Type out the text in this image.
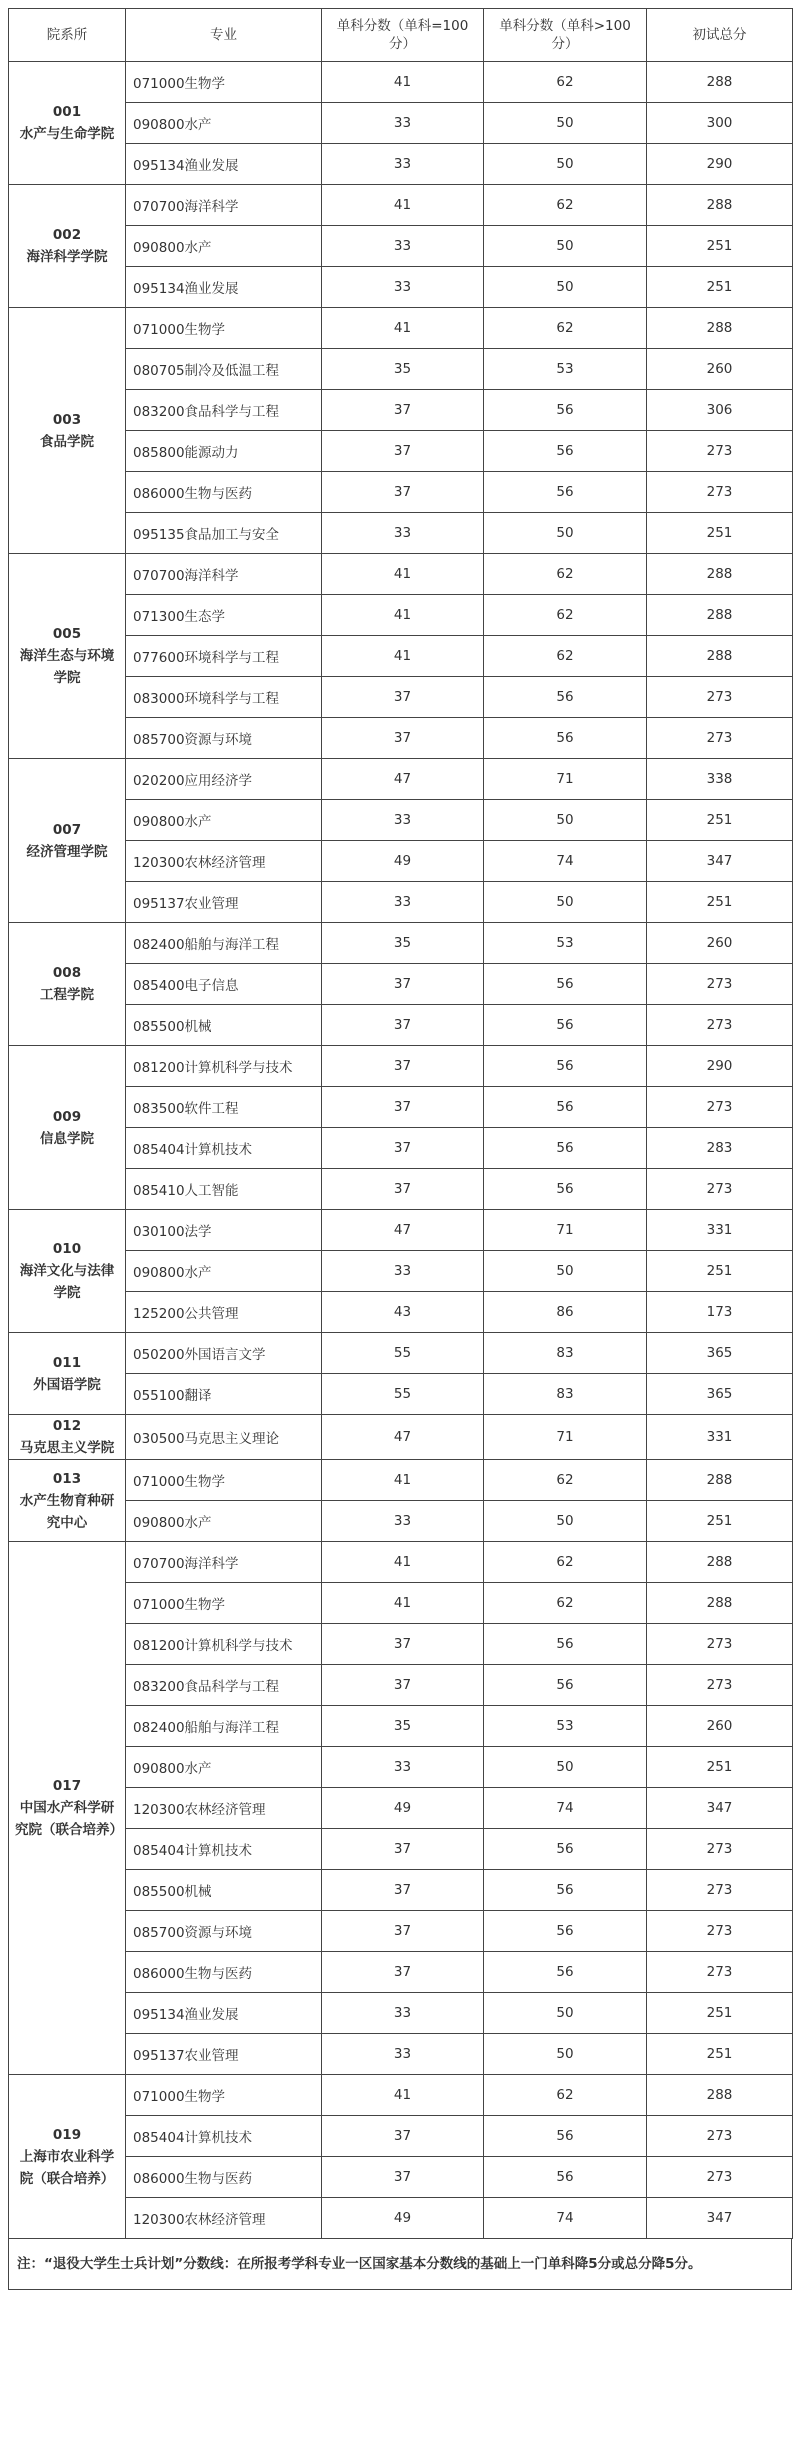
院系所	专业	单科分数（单科=100分）	单科分数（单科>100分）	初试总分

001
水产与生命学院	071000生物学	41	62	288
	090800水产	33	50	300
	095134渔业发展	33	50	290

002
海洋科学学院	070700海洋科学	41	62	288
	090800水产	33	50	251
	095134渔业发展	33	50	251

003
食品学院	071000生物学	41	62	288
	080705制冷及低温工程	35	53	260
	083200食品科学与工程	37	56	306
	085800能源动力	37	56	273
	086000生物与医药	37	56	273
	095135食品加工与安全	33	50	251

005
海洋生态与环境学院	070700海洋科学	41	62	288
	071300生态学	41	62	288
	077600环境科学与工程	41	62	288
	083000环境科学与工程	37	56	273
	085700资源与环境	37	56	273

007
经济管理学院	020200应用经济学	47	71	338
	090800水产	33	50	251
	120300农林经济管理	49	74	347
	095137农业管理	33	50	251

008
工程学院	082400船舶与海洋工程	35	53	260
	085400电子信息	37	56	273
	085500机械	37	56	273

009
信息学院	081200计算机科学与技术	37	56	290
	083500软件工程	37	56	273
	085404计算机技术	37	56	283
	085410人工智能	37	56	273

010
海洋文化与法律学院	030100法学	47	71	331
	090800水产	33	50	251
	125200公共管理	43	86	173

011
外国语学院	050200外国语言文学	55	83	365
	055100翻译	55	83	365

012
马克思主义学院	030500马克思主义理论	47	71	331

013
水产生物育种研究中心	071000生物学	41	62	288
	090800水产	33	50	251

017
中国水产科学研究院（联合培养）	070700海洋科学	41	62	288
	071000生物学	41	62	288
	081200计算机科学与技术	37	56	273
	083200食品科学与工程	37	56	273
	082400船舶与海洋工程	35	53	260
	090800水产	33	50	251
	120300农林经济管理	49	74	347
	085404计算机技术	37	56	273
	085500机械	37	56	273
	085700资源与环境	37	56	273
	086000生物与医药	37	56	273
	095134渔业发展	33	50	251
	095137农业管理	33	50	251

019
上海市农业科学院（联合培养）	071000生物学	41	62	288
	085404计算机技术	37	56	273
	086000生物与医药	37	56	273
	120300农林经济管理	49	74	347
注：“退役大学生士兵计划”分数线：在所报考学科专业一区国家基本分数线的基础上一门单科降5分或总分降5分。
